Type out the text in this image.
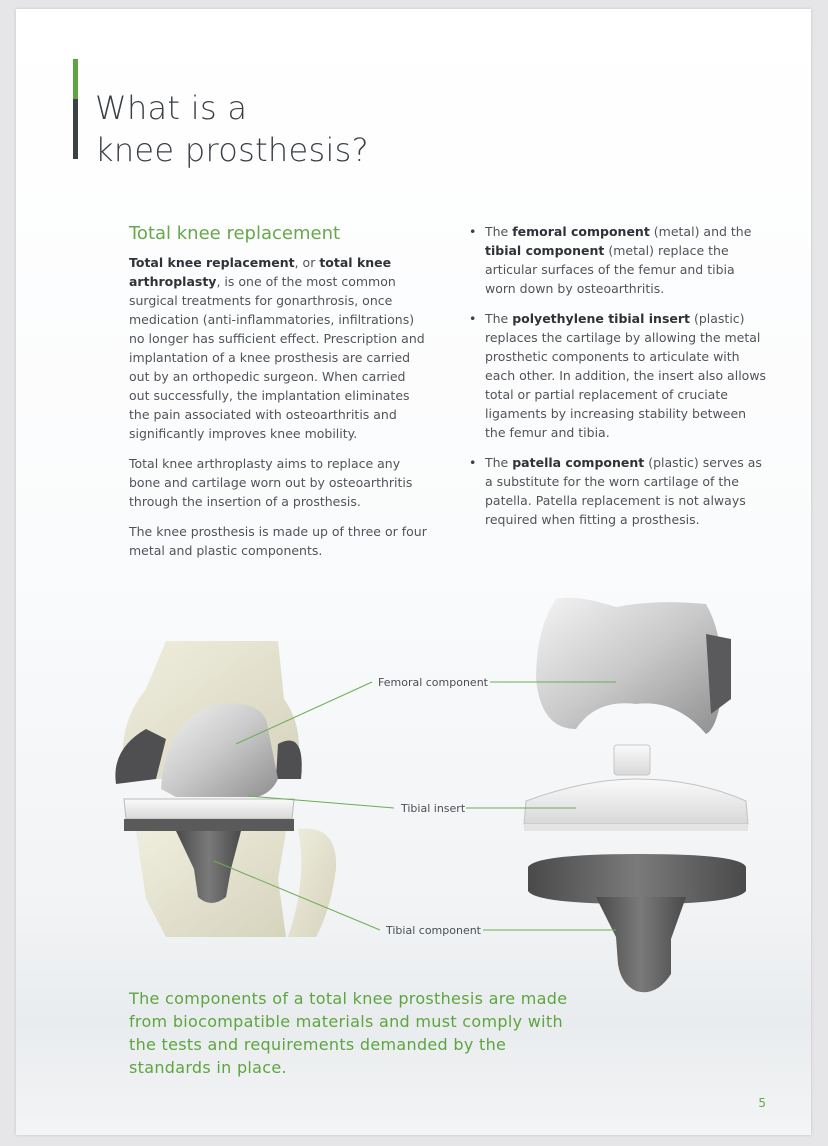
What is a
knee prosthesis?
Total knee replacement

Total knee replacement, or total knee arthroplasty, is one of the most common surgical treatments for gonarthrosis, once medication (anti-inflammatories, infiltrations) no longer has sufficient effect. Prescription and implantation of a knee prosthesis are carried out by an orthopedic surgeon. When carried out successfully, the implantation eliminates the pain associated with osteoarthritis and significantly improves knee mobility.

Total knee arthroplasty aims to replace any bone and cartilage worn out by osteoarthritis through the insertion of a prosthesis.

The knee prosthesis is made up of three or four metal and plastic components.

• The femoral component (metal) and the tibial component (metal) replace the articular surfaces of the femur and tibia worn down by osteoarthritis.
• The polyethylene tibial insert (plastic) replaces the cartilage by allowing the metal prosthetic components to articulate with each other. In addition, the insert also allows total or partial replacement of cruciate ligaments by increasing stability between the femur and tibia.
• The patella component (plastic) serves as a substitute for the worn cartilage of the patella. Patella replacement is not always required when fitting a prosthesis.
Femoral component
Tibial insert
Tibial component

The components of a total knee prosthesis are made from biocompatible materials and must comply with the tests and requirements demanded by the standards in place.

5
